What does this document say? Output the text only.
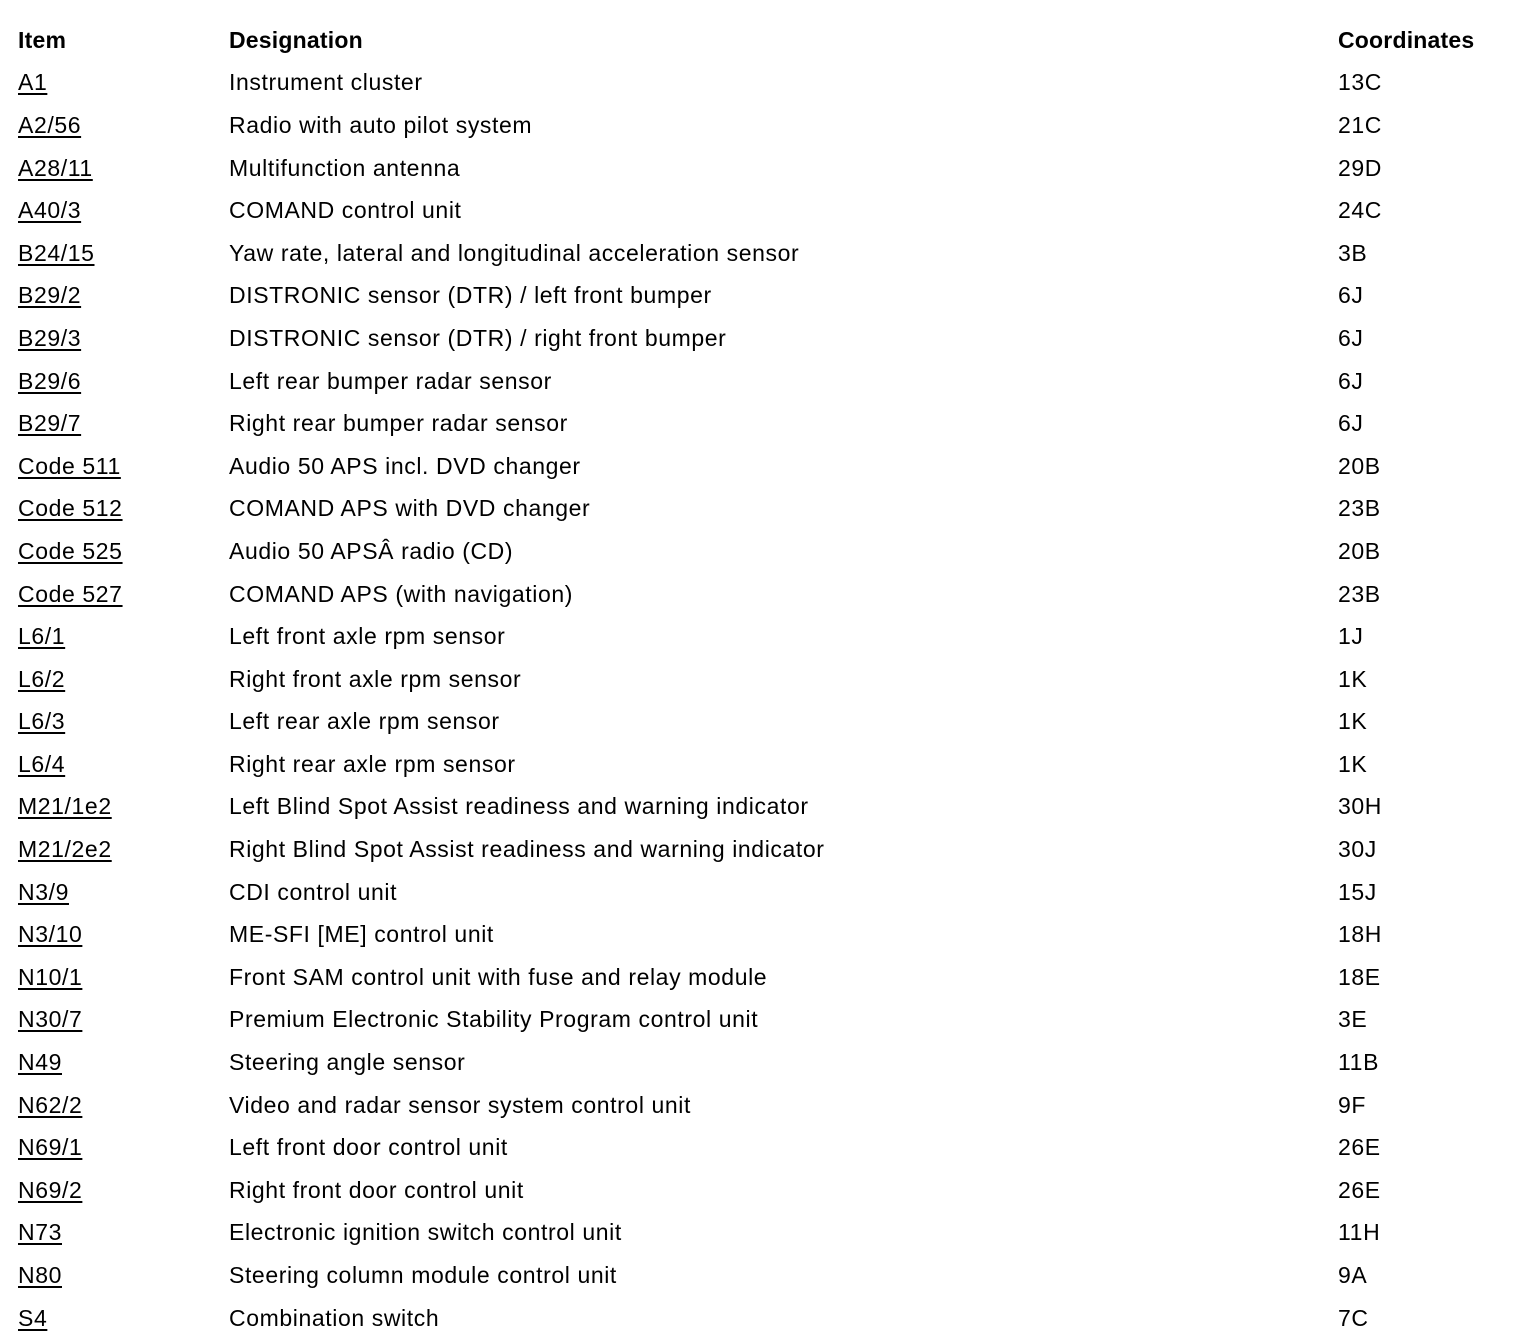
Item	Designation	Coordinates
A1	Instrument cluster	13C
A2/56	Radio with auto pilot system	21C
A28/11	Multifunction antenna	29D
A40/3	COMAND control unit	24C
B24/15	Yaw rate, lateral and longitudinal acceleration sensor	3B
B29/2	DISTRONIC sensor (DTR) / left front bumper	6J
B29/3	DISTRONIC sensor (DTR) / right front bumper	6J
B29/6	Left rear bumper radar sensor	6J
B29/7	Right rear bumper radar sensor	6J
Code 511	Audio 50 APS incl. DVD changer	20B
Code 512	COMAND APS with DVD changer	23B
Code 525	Audio 50 APSÂ radio (CD)	20B
Code 527	COMAND APS (with navigation)	23B
L6/1	Left front axle rpm sensor	1J
L6/2	Right front axle rpm sensor	1K
L6/3	Left rear axle rpm sensor	1K
L6/4	Right rear axle rpm sensor	1K
M21/1e2	Left Blind Spot Assist readiness and warning indicator	30H
M21/2e2	Right Blind Spot Assist readiness and warning indicator	30J
N3/9	CDI control unit	15J
N3/10	ME-SFI [ME] control unit	18H
N10/1	Front SAM control unit with fuse and relay module	18E
N30/7	Premium Electronic Stability Program control unit	3E
N49	Steering angle sensor	11B
N62/2	Video and radar sensor system control unit	9F
N69/1	Left front door control unit	26E
N69/2	Right front door control unit	26E
N73	Electronic ignition switch control unit	11H
N80	Steering column module control unit	9A
S4	Combination switch	7C
